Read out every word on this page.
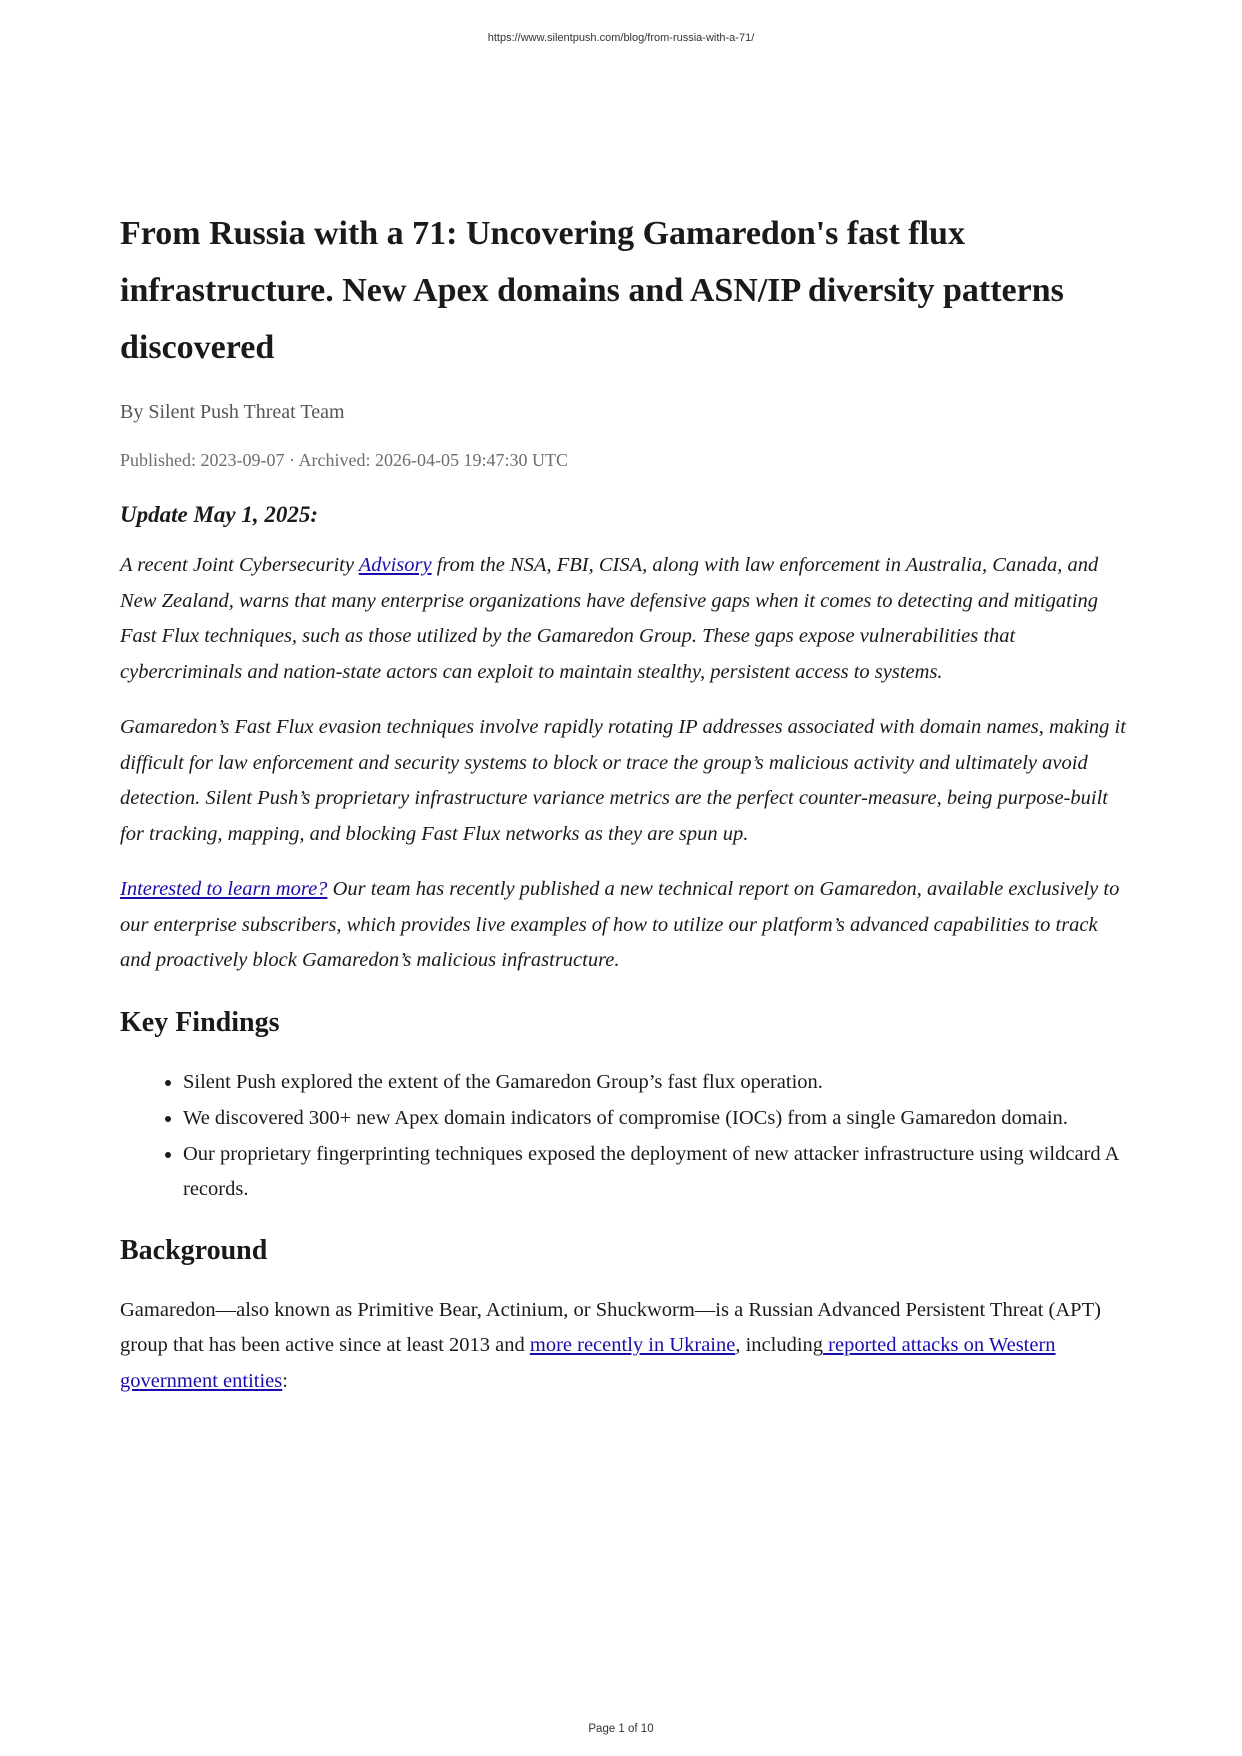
https://www.silentpush.com/blog/from-russia-with-a-71/
From Russia with a 71: Uncovering Gamaredon's fast flux infrastructure. New Apex domains and ASN/IP diversity patterns discovered
By Silent Push Threat Team
Published: 2023-09-07 · Archived: 2026-04-05 19:47:30 UTC
Update May 1, 2025:

A recent Joint Cybersecurity Advisory from the NSA, FBI, CISA, along with law enforcement in Australia, Canada, and New Zealand, warns that many enterprise organizations have defensive gaps when it comes to detecting and mitigating Fast Flux techniques, such as those utilized by the Gamaredon Group. These gaps expose vulnerabilities that cybercriminals and nation-state actors can exploit to maintain stealthy, persistent access to systems.

Gamaredon’s Fast Flux evasion techniques involve rapidly rotating IP addresses associated with domain names, making it difficult for law enforcement and security systems to block or trace the group’s malicious activity and ultimately avoid detection. Silent Push’s proprietary infrastructure variance metrics are the perfect counter-measure, being purpose-built for tracking, mapping, and blocking Fast Flux networks as they are spun up.

Interested to learn more? Our team has recently published a new technical report on Gamaredon, available exclusively to our enterprise subscribers, which provides live examples of how to utilize our platform’s advanced capabilities to track and proactively block Gamaredon’s malicious infrastructure.

Key Findings
• Silent Push explored the extent of the Gamaredon Group’s fast flux operation.
• We discovered 300+ new Apex domain indicators of compromise (IOCs) from a single Gamaredon domain.
• Our proprietary fingerprinting techniques exposed the deployment of new attacker infrastructure using wildcard A records.
Background

Gamaredon—also known as Primitive Bear, Actinium, or Shuckworm—is a Russian Advanced Persistent Threat (APT) group that has been active since at least 2013 and more recently in Ukraine, including reported attacks on Western government entities:

Page 1 of 10
